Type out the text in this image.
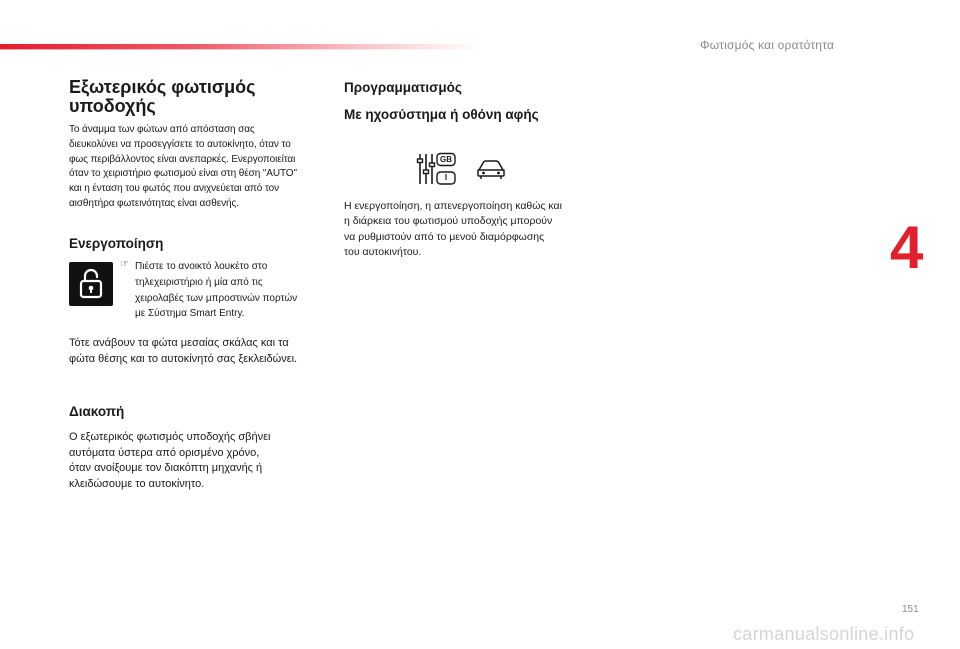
Φωτισμός και ορατότητα
4
Εξωτερικός φωτισμός
υποδοχής
Το άναμμα των φώτων από απόσταση σας
διευκολύνει να προσεγγίσετε το αυτοκίνητο, όταν το
φως περιβάλλοντος είναι ανεπαρκές. Ενεργοποιείται
όταν το χειριστήριο φωτισμού είναι στη θέση "AUTO"
και η ένταση του φωτός που ανιχνεύεται από τον
αισθητήρα φωτεινότητας είναι ασθενής.
Ενεργοποίηση
☞ Πιέστε το ανοικτό λουκέτο στο
τηλεχειριστήριο ή μία από τις
χειρολαβές των μπροστινών πορτών
με Σύστημα Smart Entry.
Τότε ανάβουν τα φώτα μεσαίας σκάλας και τα
φώτα θέσης και το αυτοκίνητό σας ξεκλειδώνει.
Διακοπή
Ο εξωτερικός φωτισμός υποδοχής σβήνει
αυτόματα ύστερα από ορισμένο χρόνο,
όταν ανοίξουμε τον διακόπτη μηχανής ή
κλειδώσουμε το αυτοκίνητο.
Προγραμματισμός
Με ηχοσύστημα ή οθόνη αφής
GB
I
Η ενεργοποίηση, η απενεργοποίηση καθώς και
η διάρκεια του φωτισμού υποδοχής μπορούν
να ρυθμιστούν από το μενού διαμόρφωσης
του αυτοκινήτου.
151
carmanualsonline.info
